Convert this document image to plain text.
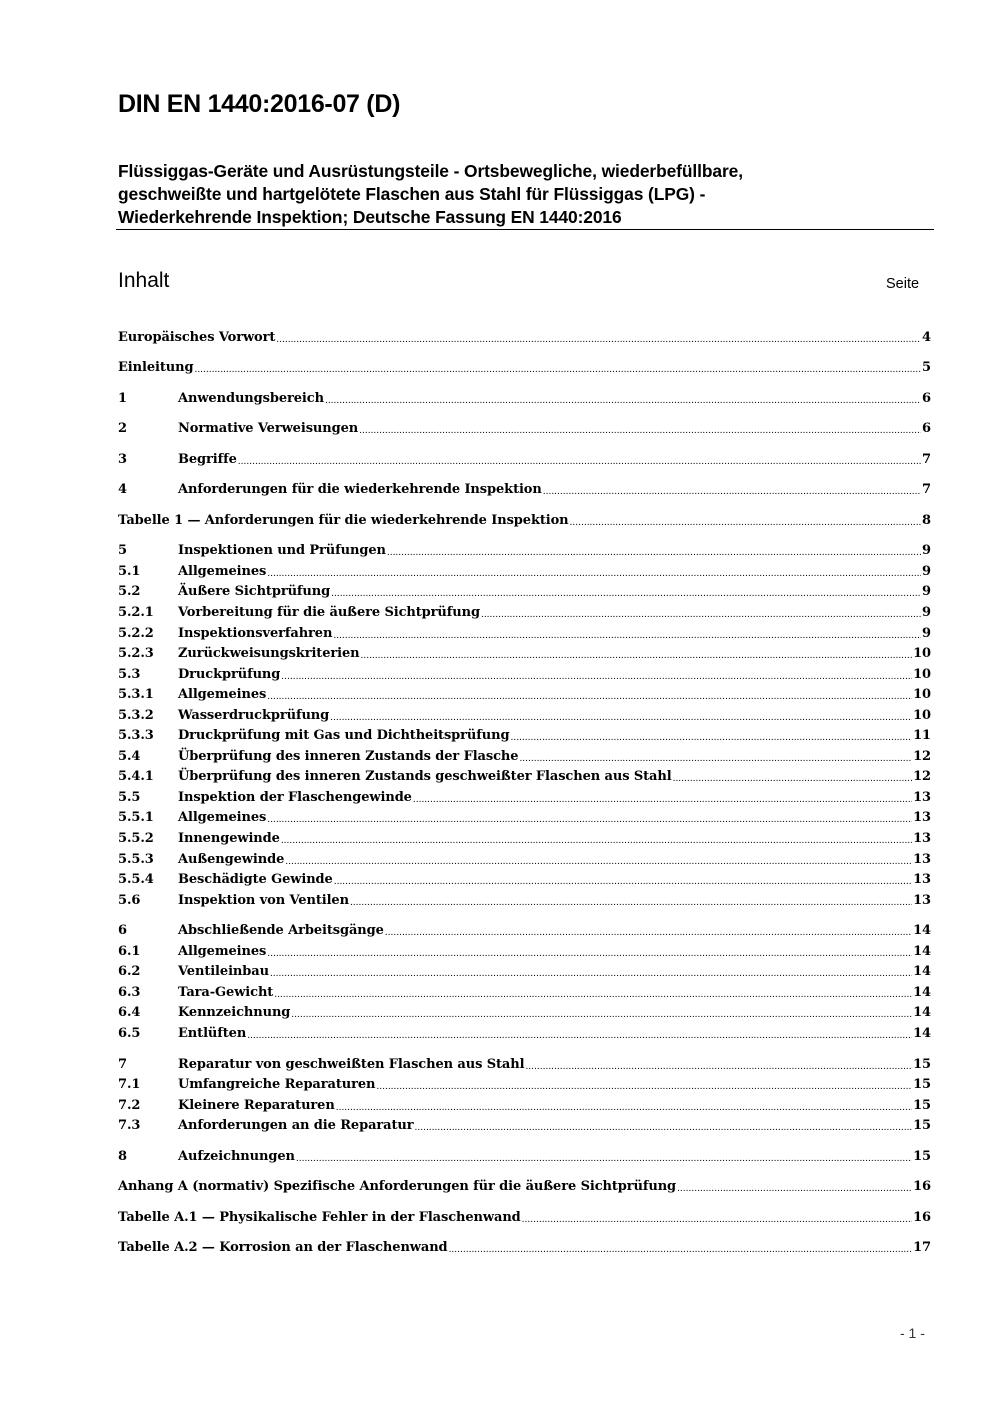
DIN EN 1440:2016-07 (D)
Flüssiggas-Geräte und Ausrüstungsteile - Ortsbewegliche, wiederbefüllbare,
geschweißte und hartgelötete Flaschen aus Stahl für Flüssiggas (LPG) -
Wiederkehrende Inspektion; Deutsche Fassung EN 1440:2016
Inhalt	Seite
Europäisches Vorwort .....	4
Einleitung .....	5
1	Anwendungsbereich .....	6
2	Normative Verweisungen .....	6
3	Begriffe .....	7
4	Anforderungen für die wiederkehrende Inspektion .....	7
Tabelle 1 — Anforderungen für die wiederkehrende Inspektion .....	8
5	Inspektionen und Prüfungen .....	9
5.1	Allgemeines .....	9
5.2	Äußere Sichtprüfung .....	9
5.2.1	Vorbereitung für die äußere Sichtprüfung .....	9
5.2.2	Inspektionsverfahren .....	9
5.2.3	Zurückweisungskriterien .....	10
5.3	Druckprüfung .....	10
5.3.1	Allgemeines .....	10
5.3.2	Wasserdruckprüfung .....	10
5.3.3	Druckprüfung mit Gas und Dichtheitsprüfung .....	11
5.4	Überprüfung des inneren Zustands der Flasche .....	12
5.4.1	Überprüfung des inneren Zustands geschweißter Flaschen aus Stahl .....	12
5.5	Inspektion der Flaschengewinde .....	13
5.5.1	Allgemeines .....	13
5.5.2	Innengewinde .....	13
5.5.3	Außengewinde .....	13
5.5.4	Beschädigte Gewinde .....	13
5.6	Inspektion von Ventilen .....	13
6	Abschließende Arbeitsgänge .....	14
6.1	Allgemeines .....	14
6.2	Ventileinbau .....	14
6.3	Tara-Gewicht .....	14
6.4	Kennzeichnung .....	14
6.5	Entlüften .....	14
7	Reparatur von geschweißten Flaschen aus Stahl .....	15
7.1	Umfangreiche Reparaturen .....	15
7.2	Kleinere Reparaturen .....	15
7.3	Anforderungen an die Reparatur .....	15
8	Aufzeichnungen .....	15
Anhang A (normativ) Spezifische Anforderungen für die äußere Sichtprüfung .....	16
Tabelle A.1 — Physikalische Fehler in der Flaschenwand .....	16
Tabelle A.2 — Korrosion an der Flaschenwand .....	17
- 1 -
